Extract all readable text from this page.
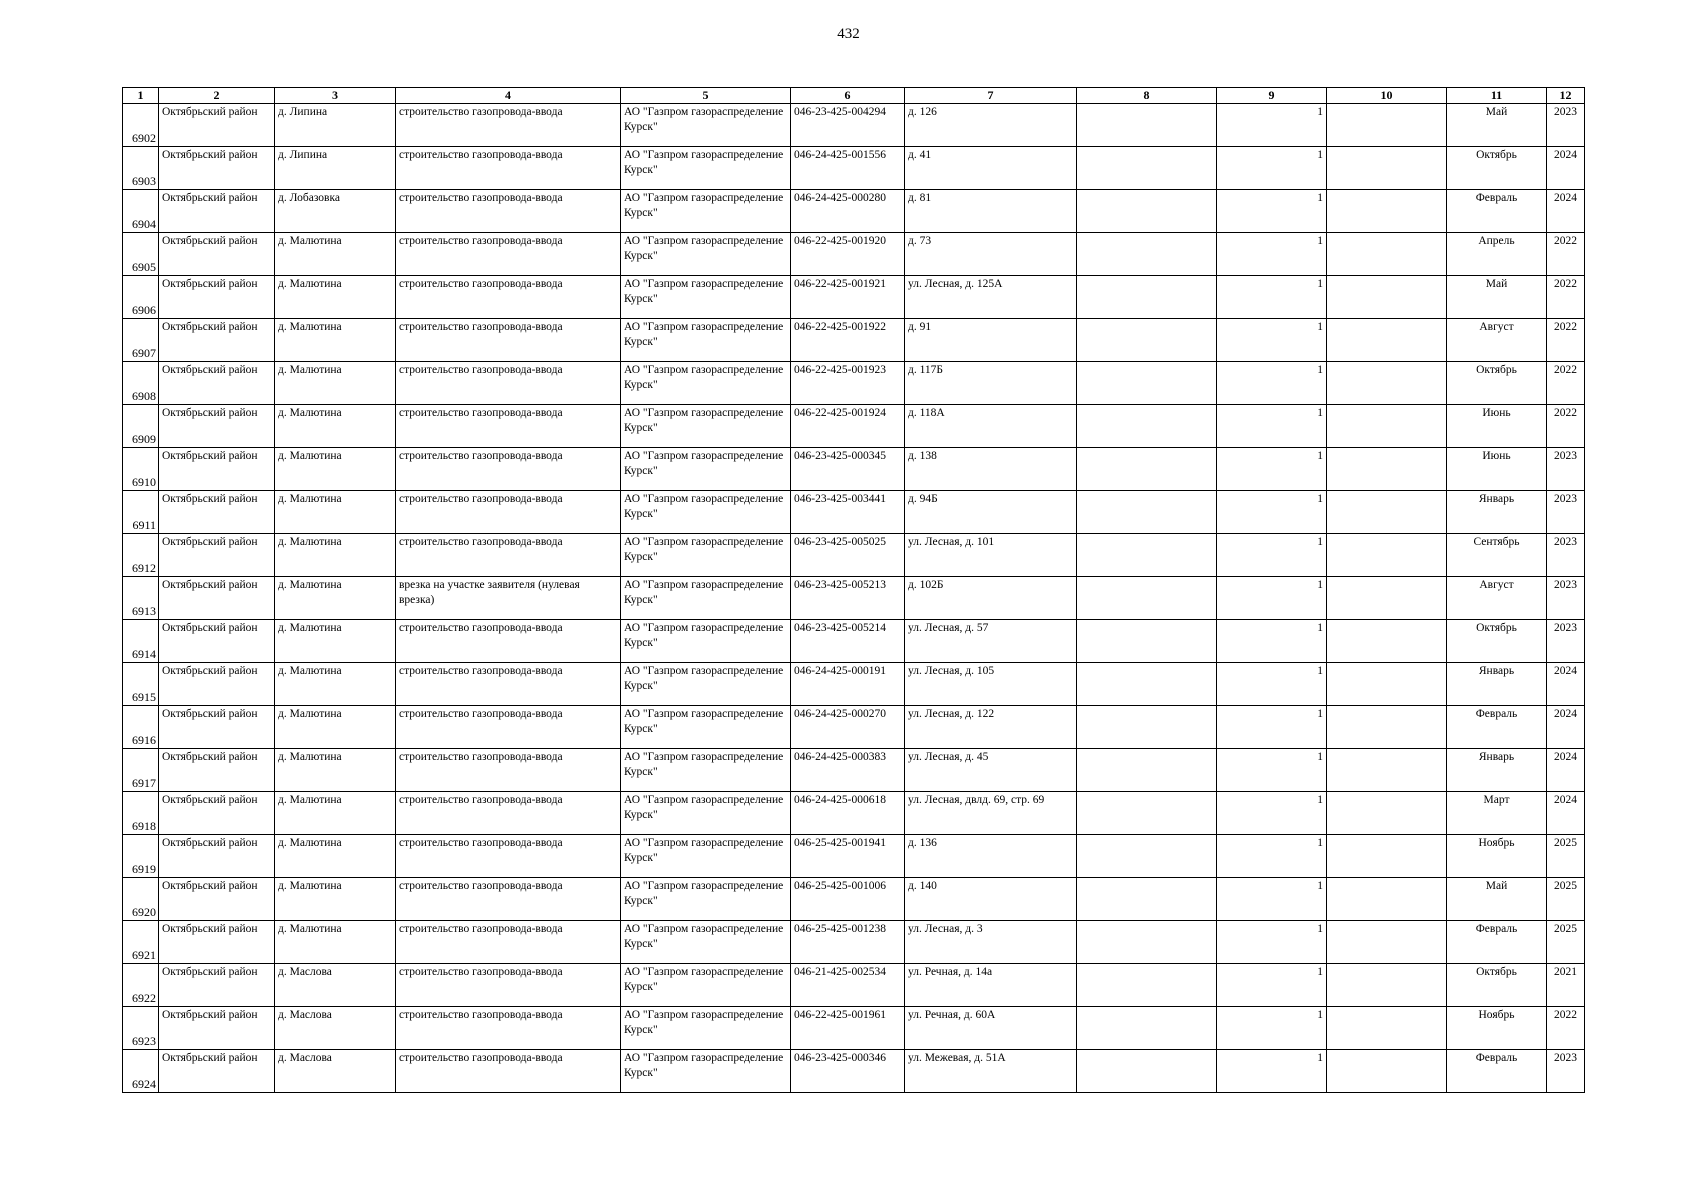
432
1	2	3	4	5	6	7	8	9	10	11	12
6902	Октябрьский район	д. Липина	строительство газопровода-ввода	АО "Газпром газораспределение Курск"	046-23-425-004294	д. 126		1		Май	2023
6903	Октябрьский район	д. Липина	строительство газопровода-ввода	АО "Газпром газораспределение Курск"	046-24-425-001556	д. 41		1		Октябрь	2024
6904	Октябрьский район	д. Лобазовка	строительство газопровода-ввода	АО "Газпром газораспределение Курск"	046-24-425-000280	д. 81		1		Февраль	2024
6905	Октябрьский район	д. Малютина	строительство газопровода-ввода	АО "Газпром газораспределение Курск"	046-22-425-001920	д. 73		1		Апрель	2022
6906	Октябрьский район	д. Малютина	строительство газопровода-ввода	АО "Газпром газораспределение Курск"	046-22-425-001921	ул. Лесная, д. 125А		1		Май	2022
6907	Октябрьский район	д. Малютина	строительство газопровода-ввода	АО "Газпром газораспределение Курск"	046-22-425-001922	д. 91		1		Август	2022
6908	Октябрьский район	д. Малютина	строительство газопровода-ввода	АО "Газпром газораспределение Курск"	046-22-425-001923	д. 117Б		1		Октябрь	2022
6909	Октябрьский район	д. Малютина	строительство газопровода-ввода	АО "Газпром газораспределение Курск"	046-22-425-001924	д. 118А		1		Июнь	2022
6910	Октябрьский район	д. Малютина	строительство газопровода-ввода	АО "Газпром газораспределение Курск"	046-23-425-000345	д. 138		1		Июнь	2023
6911	Октябрьский район	д. Малютина	строительство газопровода-ввода	АО "Газпром газораспределение Курск"	046-23-425-003441	д. 94Б		1		Январь	2023
6912	Октябрьский район	д. Малютина	строительство газопровода-ввода	АО "Газпром газораспределение Курск"	046-23-425-005025	ул. Лесная, д. 101		1		Сентябрь	2023
6913	Октябрьский район	д. Малютина	врезка на участке заявителя (нулевая врезка)	АО "Газпром газораспределение Курск"	046-23-425-005213	д. 102Б		1		Август	2023
6914	Октябрьский район	д. Малютина	строительство газопровода-ввода	АО "Газпром газораспределение Курск"	046-23-425-005214	ул. Лесная, д. 57		1		Октябрь	2023
6915	Октябрьский район	д. Малютина	строительство газопровода-ввода	АО "Газпром газораспределение Курск"	046-24-425-000191	ул. Лесная, д. 105		1		Январь	2024
6916	Октябрьский район	д. Малютина	строительство газопровода-ввода	АО "Газпром газораспределение Курск"	046-24-425-000270	ул. Лесная, д. 122		1		Февраль	2024
6917	Октябрьский район	д. Малютина	строительство газопровода-ввода	АО "Газпром газораспределение Курск"	046-24-425-000383	ул. Лесная, д. 45		1		Январь	2024
6918	Октябрьский район	д. Малютина	строительство газопровода-ввода	АО "Газпром газораспределение Курск"	046-24-425-000618	ул. Лесная, двлд. 69, стр. 69		1		Март	2024
6919	Октябрьский район	д. Малютина	строительство газопровода-ввода	АО "Газпром газораспределение Курск"	046-25-425-001941	д. 136		1		Ноябрь	2025
6920	Октябрьский район	д. Малютина	строительство газопровода-ввода	АО "Газпром газораспределение Курск"	046-25-425-001006	д. 140		1		Май	2025
6921	Октябрьский район	д. Малютина	строительство газопровода-ввода	АО "Газпром газораспределение Курск"	046-25-425-001238	ул. Лесная, д. 3		1		Февраль	2025
6922	Октябрьский район	д. Маслова	строительство газопровода-ввода	АО "Газпром газораспределение Курск"	046-21-425-002534	ул. Речная, д. 14а		1		Октябрь	2021
6923	Октябрьский район	д. Маслова	строительство газопровода-ввода	АО "Газпром газораспределение Курск"	046-22-425-001961	ул. Речная, д. 60А		1		Ноябрь	2022
6924	Октябрьский район	д. Маслова	строительство газопровода-ввода	АО "Газпром газораспределение Курск"	046-23-425-000346	ул. Межевая, д. 51А		1		Февраль	2023
